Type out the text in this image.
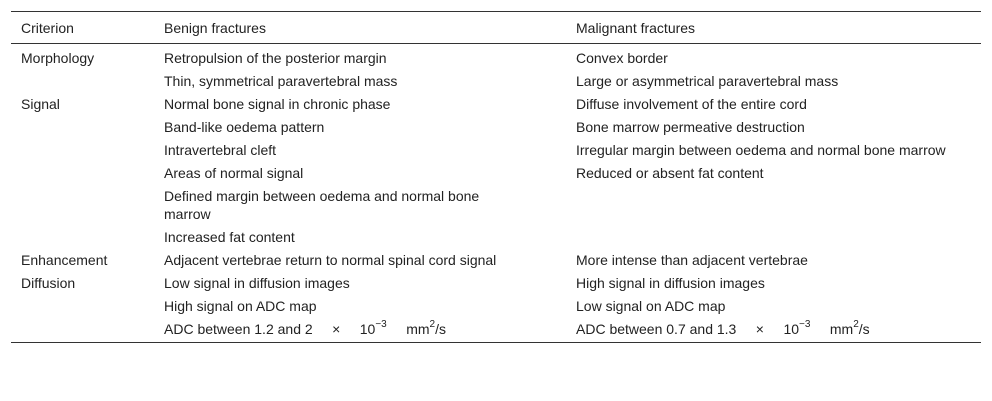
Criterion	Benign fractures	Malignant fractures
Morphology	Retropulsion of the posterior margin	Convex border
	Thin, symmetrical paravertebral mass	Large or asymmetrical paravertebral mass
Signal	Normal bone signal in chronic phase	Diffuse involvement of the entire cord
	Band-like oedema pattern	Bone marrow permeative destruction
	Intravertebral cleft	Irregular margin between oedema and normal bone marrow
	Areas of normal signal	Reduced or absent fat content
	Defined margin between oedema and normal bone marrow	
	Increased fat content	
Enhancement	Adjacent vertebrae return to normal spinal cord signal	More intense than adjacent vertebrae
Diffusion	Low signal in diffusion images	High signal in diffusion images
	High signal on ADC map	Low signal on ADC map
	ADC between 1.2 and $2 \times 10^{-3}$ $mm^2/s$	ADC between 0.7 and $1.3 \times 10^{-3}$ $mm^2/s$
